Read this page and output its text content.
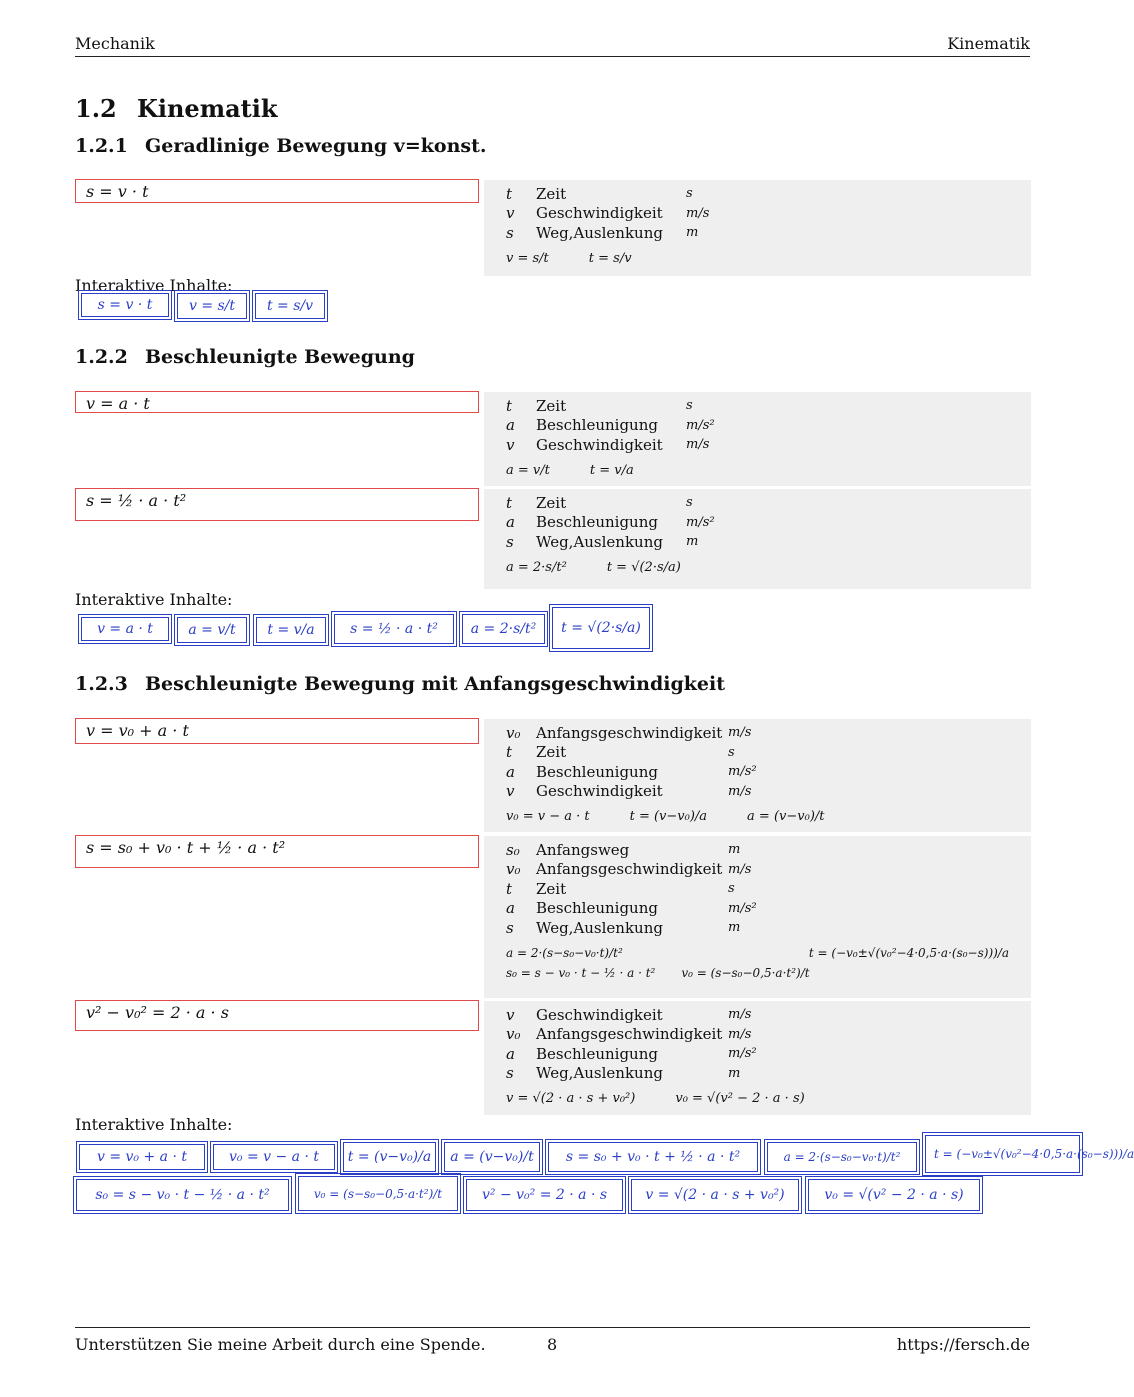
Mechanik	Kinematik
1.2 Kinematik
1.2.1 Geradlinige Bewegung v=konst.
s = v · t	t	Zeit	s
v	Geschwindigkeit	m/s
s	Weg,Auslenkung	m
v = s/t	t = s/v
Interaktive Inhalte:
s = v · t	v = s/t	t = s/v
1.2.2 Beschleunigte Bewegung
v = a · t	t	Zeit	s
a	Beschleunigung	m/s²
v	Geschwindigkeit	m/s
a = v/t	t = v/a
s = ½ · a · t²	t	Zeit	s
a	Beschleunigung	m/s²
s	Weg,Auslenkung	m
a = 2·s/t²	t = √(2·s/a)
Interaktive Inhalte:
v = a · t	a = v/t	t = v/a	s = ½ · a · t²	a = 2·s/t²	t = √(2·s/a)
1.2.3 Beschleunigte Bewegung mit Anfangsgeschwindigkeit
v = v₀ + a · t	v₀	Anfangsgeschwindigkeit m/s
t	Zeit	s
a	Beschleunigung	m/s²
v	Geschwindigkeit	m/s
v₀ = v − a · t	t = (v−v₀)/a	a = (v−v₀)/t
s = s₀ + v₀ · t + ½ · a · t²	s₀	Anfangsweg	m
v₀	Anfangsgeschwindigkeit m/s
t	Zeit	s
a	Beschleunigung	m/s²
s	Weg,Auslenkung	m
a = 2·(s−s₀−v₀·t)/t²	t = (−v₀±√(v₀²−4·0,5·a·(s₀−s)))/a
s₀ = s − v₀ · t − ½ · a · t² v₀ = (s−s₀−0,5·a·t²)/t
v² − v₀² = 2 · a · s	v	Geschwindigkeit	m/s
v₀	Anfangsgeschwindigkeit m/s
a	Beschleunigung	m/s²
s	Weg,Auslenkung	m
v = √(2 · a · s + v₀²)	v₀ = √(v² − 2 · a · s)
Interaktive Inhalte:
v = v₀ + a · t	v₀ = v − a · t	t = (v−v₀)/a	a = (v−v₀)/t	s = s₀ + v₀ · t + ½ · a · t²	a = 2·(s−s₀−v₀·t)/t²	t = (−v₀±√(v₀²−4·0,5·a·(s₀−s)))/a
s₀ = s − v₀ · t − ½ · a · t²	v₀ = (s−s₀−0,5·a·t²)/t	v² − v₀² = 2 · a · s	v = √(2 · a · s + v₀²)	v₀ = √(v² − 2 · a · s)
Unterstützen Sie meine Arbeit durch eine Spende.	8	https://fersch.de
